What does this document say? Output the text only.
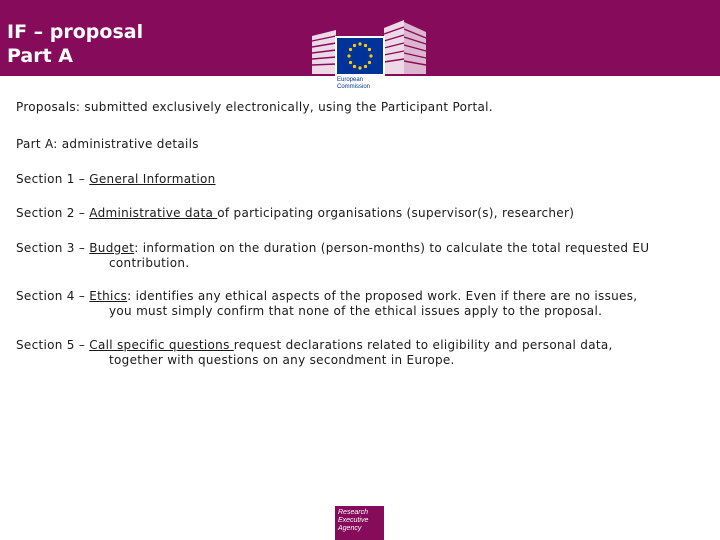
IF – proposal
Part A
European
Commission
Proposals: submitted exclusively electronically, using the Participant Portal.
Part A: administrative details
Section 1 – General Information
Section 2 – Administrative data of participating organisations (supervisor(s), researcher)
Section 3 – Budget: information on the duration (person-months) to calculate the total requested EU
contribution.
Section 4 – Ethics: identifies any ethical aspects of the proposed work. Even if there are no issues,
you must simply confirm that none of the ethical issues apply to the proposal.
Section 5 – Call specific questions request declarations related to eligibility and personal data,
together with questions on any secondment in Europe.
Research
Executive
Agency
